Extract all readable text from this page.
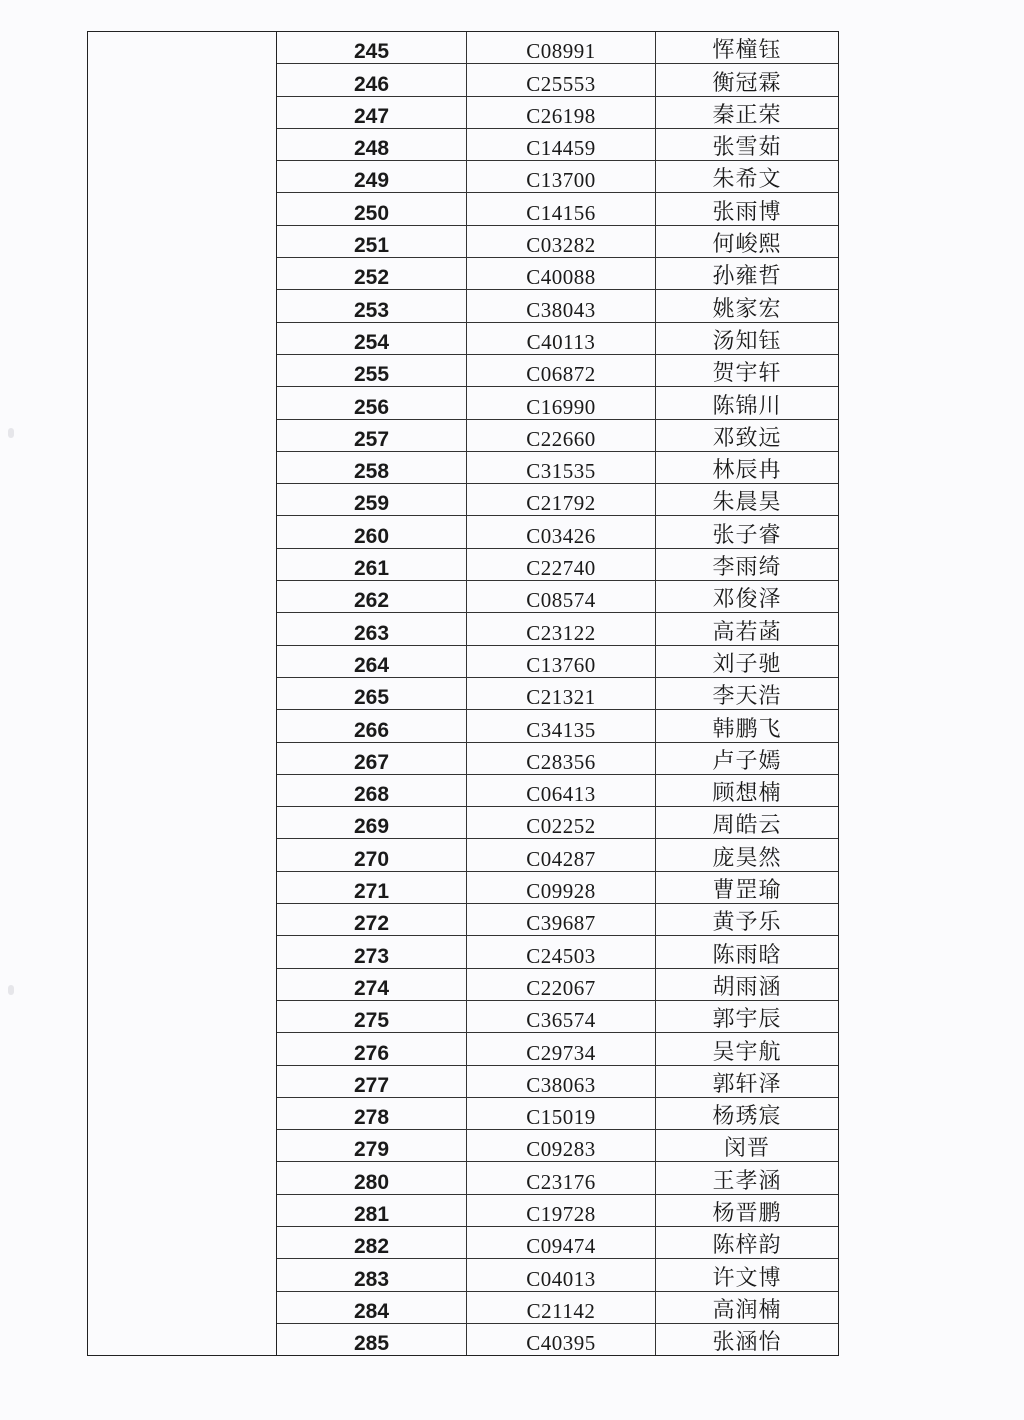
245	C08991	恽橦钰
246	C25553	衡冠霖
247	C26198	秦正荣
248	C14459	张雪茹
249	C13700	朱希文
250	C14156	张雨博
251	C03282	何峻熙
252	C40088	孙雍哲
253	C38043	姚家宏
254	C40113	汤知钰
255	C06872	贺宇轩
256	C16990	陈锦川
257	C22660	邓致远
258	C31535	林辰冉
259	C21792	朱晨昊
260	C03426	张子睿
261	C22740	李雨绮
262	C08574	邓俊泽
263	C23122	高若菡
264	C13760	刘子驰
265	C21321	李天浩
266	C34135	韩鹏飞
267	C28356	卢子嫣
268	C06413	顾想楠
269	C02252	周皓云
270	C04287	庞昊然
271	C09928	曹罡瑜
272	C39687	黄予乐
273	C24503	陈雨晗
274	C22067	胡雨涵
275	C36574	郭宇辰
276	C29734	吴宇航
277	C38063	郭轩泽
278	C15019	杨琇宸
279	C09283	闵晋
280	C23176	王孝涵
281	C19728	杨晋鹏
282	C09474	陈梓韵
283	C04013	许文博
284	C21142	高润楠
285	C40395	张涵怡
